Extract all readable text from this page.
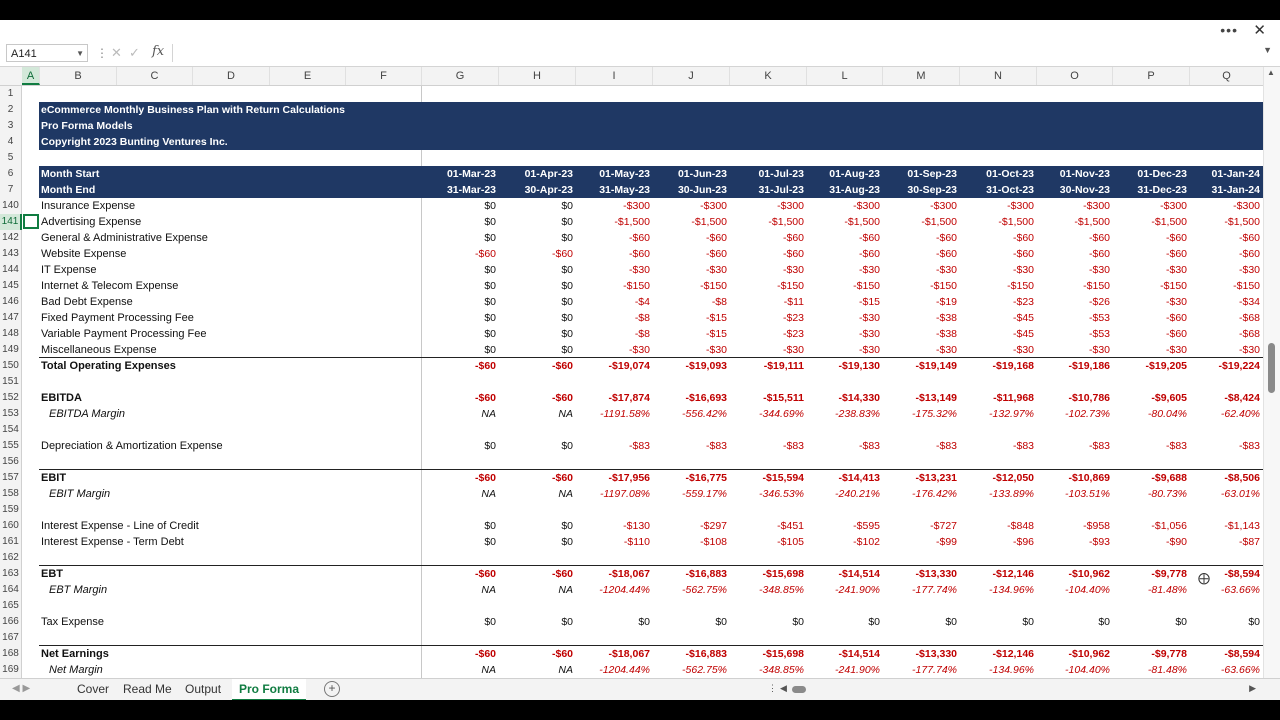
••• ✕
A141	▼ ⋮ ✕ ✓ fx	▼
A	B	C	D	E	F	G	H	I	J	K	L	M	N	O	P	Q
1
2	eCommerce Monthly Business Plan with Return Calculations
3	Pro Forma Models
4	Copyright 2023 Bunting Ventures Inc.
5
6	Month Start	01-Mar-23	01-Apr-23	01-May-23	01-Jun-23	01-Jul-23	01-Aug-23	01-Sep-23	01-Oct-23	01-Nov-23	01-Dec-23	01-Jan-24
7	Month End	31-Mar-23	30-Apr-23	31-May-23	30-Jun-23	31-Jul-23	31-Aug-23	30-Sep-23	31-Oct-23	30-Nov-23	31-Dec-23	31-Jan-24
140 Insurance Expense	$0	$0	-$300	-$300	-$300	-$300	-$300	-$300	-$300	-$300	-$300
141	Advertising Expense	$0	$0	-$1,500	-$1,500	-$1,500	-$1,500	-$1,500	-$1,500	-$1,500	-$1,500	-$1,500
142 General & Administrative Expense	$0	$0	-$60	-$60	-$60	-$60	-$60	-$60	-$60	-$60	-$60
143 Website Expense	-$60	-$60	-$60	-$60	-$60	-$60	-$60	-$60	-$60	-$60	-$60
144 IT Expense	$0	$0	-$30	-$30	-$30	-$30	-$30	-$30	-$30	-$30	-$30
145 Internet & Telecom Expense	$0	$0	-$150	-$150	-$150	-$150	-$150	-$150	-$150	-$150	-$150
146 Bad Debt Expense	$0	$0	-$4	-$8	-$11	-$15	-$19	-$23	-$26	-$30	-$34
147 Fixed Payment Processing Fee	$0	$0	-$8	-$15	-$23	-$30	-$38	-$45	-$53	-$60	-$68
148 Variable Payment Processing Fee	$0	$0	-$8	-$15	-$23	-$30	-$38	-$45	-$53	-$60	-$68
149 Miscellaneous Expense	$0	$0	-$30	-$30	-$30	-$30	-$30	-$30	-$30	-$30	-$30
150 Total Operating Expenses	-$60	-$60	-$19,074	-$19,093	-$19,111	-$19,130	-$19,149	-$19,168	-$19,186	-$19,205	-$19,224
151
152 EBITDA	-$60	-$60	-$17,874	-$16,693	-$15,511	-$14,330	-$13,149	-$11,968	-$10,786	-$9,605	-$8,424
153	EBITDA Margin	NA	NA	-1191.58%	-556.42%	-344.69%	-238.83%	-175.32%	-132.97%	-102.73%	-80.04%	-62.40%
154
155 Depreciation & Amortization Expense	$0	$0	-$83	-$83	-$83	-$83	-$83	-$83	-$83	-$83	-$83
156
157 EBIT	-$60	-$60	-$17,956	-$16,775	-$15,594	-$14,413	-$13,231	-$12,050	-$10,869	-$9,688	-$8,506
158	EBIT Margin	NA	NA	-1197.08%	-559.17%	-346.53%	-240.21%	-176.42%	-133.89%	-103.51%	-80.73%	-63.01%
159
160 Interest Expense - Line of Credit	$0	$0	-$130	-$297	-$451	-$595	-$727	-$848	-$958	-$1,056	-$1,143
161 Interest Expense - Term Debt	$0	$0	-$110	-$108	-$105	-$102	-$99	-$96	-$93	-$90	-$87
162
163 EBT	-$60	-$60	-$18,067	-$16,883	-$15,698	-$14,514	-$13,330	-$12,146	-$10,962	-$9,778	-$8,594
164	EBT Margin	NA	NA	-1204.44%	-562.75%	-348.85%	-241.90%	-177.74%	-134.96%	-104.40%	-81.48%	-63.66%
165
166 Tax Expense	$0	$0	$0	$0	$0	$0	$0	$0	$0	$0	$0
167
168 Net Earnings	-$60	-$60	-$18,067	-$16,883	-$15,698	-$14,514	-$13,330	-$12,146	-$10,962	-$9,778	-$8,594
169	Net Margin	NA	NA	-1204.44%	-562.75%	-348.85%	-241.90%	-177.74%	-134.96%	-104.40%	-81.48%	-63.66%
▲
⨁
◀ ▶	+	⋮ ◀	▶
Cover	Read Me	Output	Pro Forma
